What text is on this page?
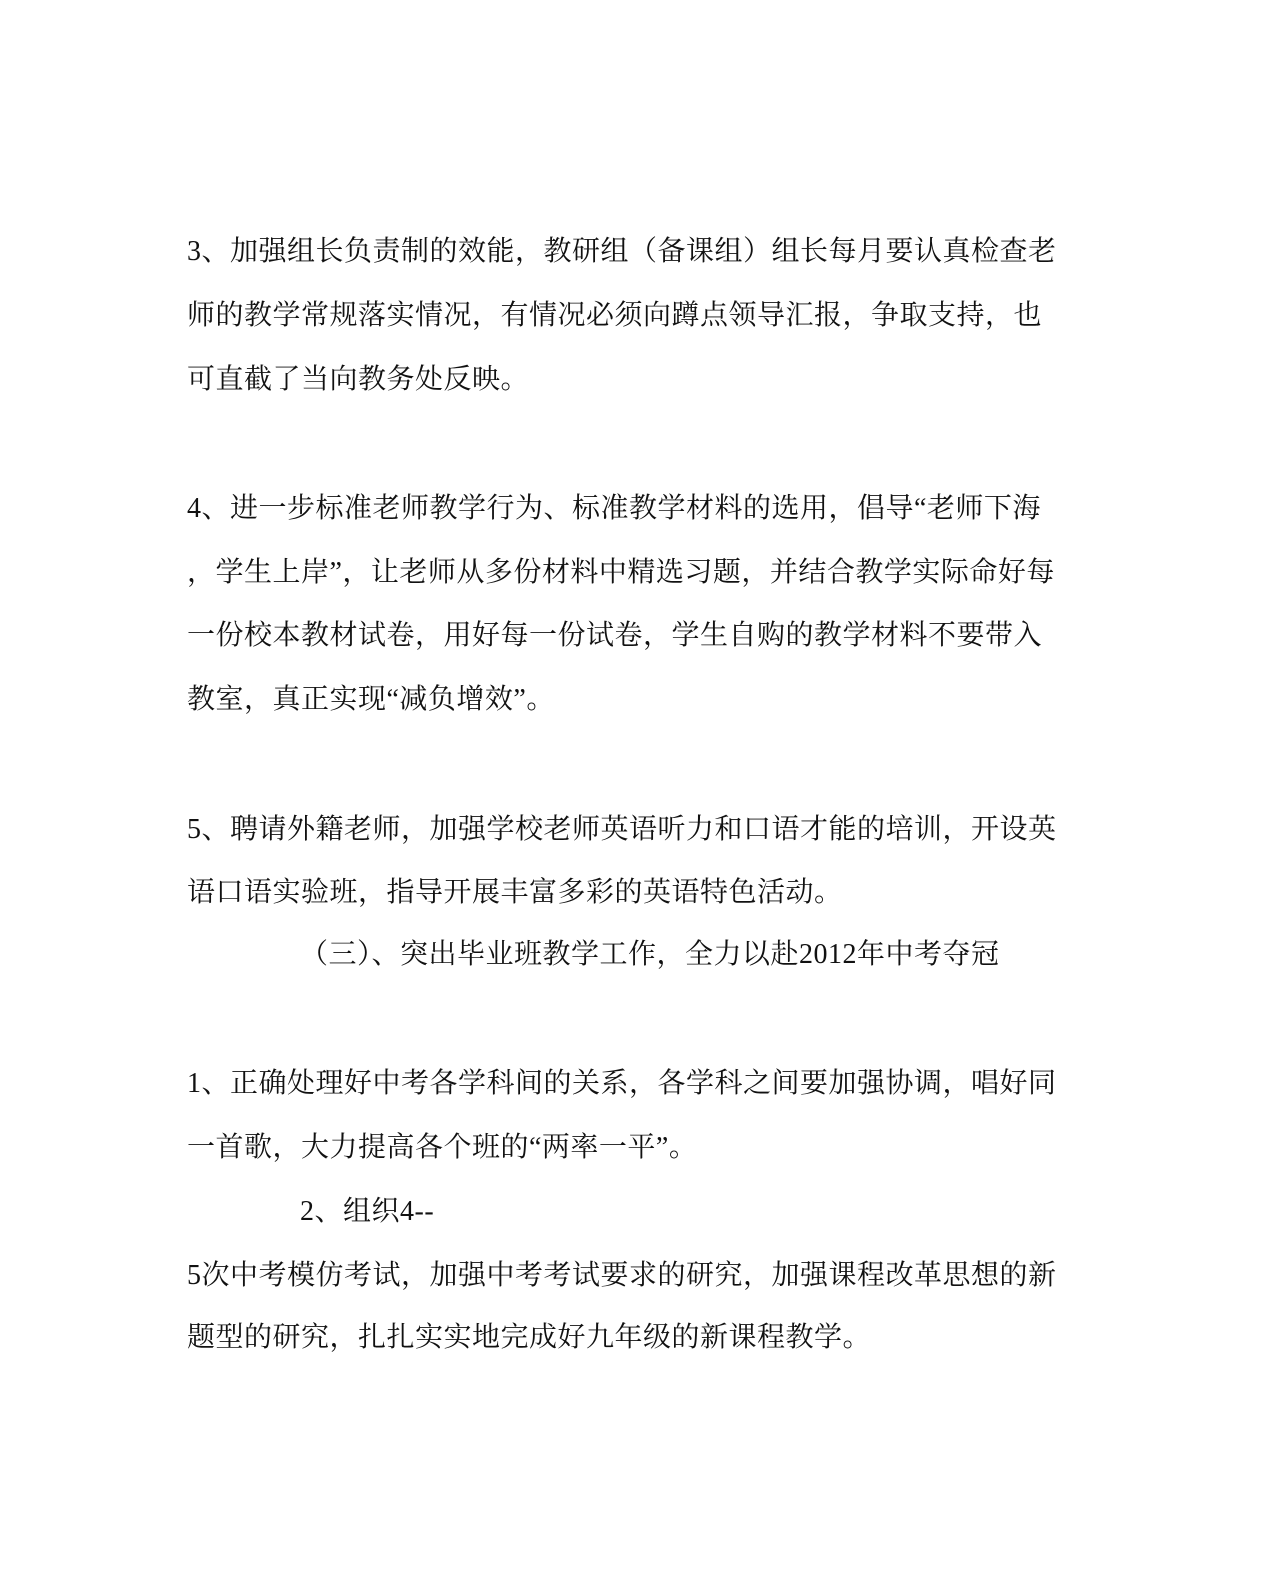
3、加强组长负责制的效能，教研组（备课组）组长每月要认真检查老
师的教学常规落实情况，有情况必须向蹲点领导汇报，争取支持，也
可直截了当向教务处反映。
4、进一步标准老师教学行为、标准教学材料的选用，倡导“老师下海
，学生上岸”，让老师从多份材料中精选习题，并结合教学实际命好每
一份校本教材试卷，用好每一份试卷，学生自购的教学材料不要带入
教室，真正实现“减负增效”。
5、聘请外籍老师，加强学校老师英语听力和口语才能的培训，开设英
语口语实验班，指导开展丰富多彩的英语特色活动。
（三）、突出毕业班教学工作，全力以赴2012年中考夺冠
1、正确处理好中考各学科间的关系，各学科之间要加强协调，唱好同
一首歌，大力提高各个班的“两率一平”。
2、组织4--
5次中考模仿考试，加强中考考试要求的研究，加强课程改革思想的新
题型的研究，扎扎实实地完成好九年级的新课程教学。
